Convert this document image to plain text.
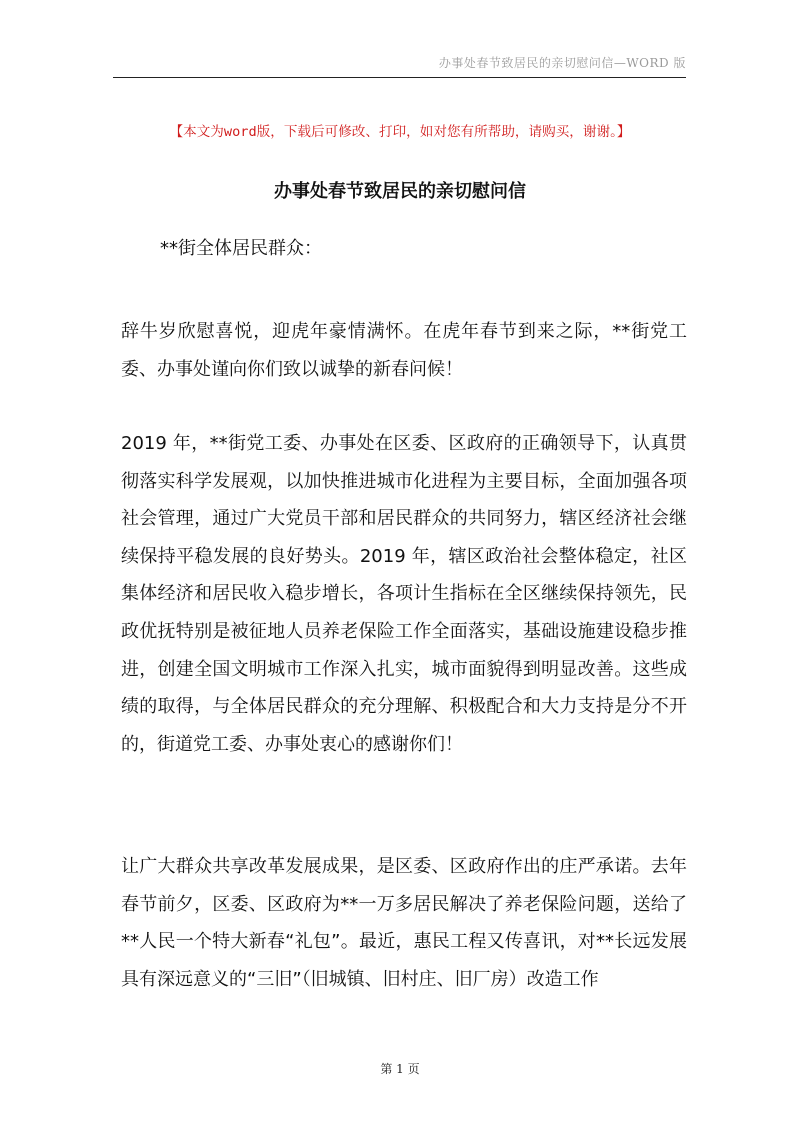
办事处春节致居民的亲切慰问信—WORD 版
【本文为word版，下载后可修改、打印，如对您有所帮助，请购买，谢谢。】
办事处春节致居民的亲切慰问信
**街全体居民群众：

辞牛岁欣慰喜悦，迎虎年豪情满怀。在虎年春节到来之际，**街党工委、办事处谨向你们致以诚挚的新春问候！

2019 年，**街党工委、办事处在区委、区政府的正确领导下，认真贯彻落实科学发展观，以加快推进城市化进程为主要目标，全面加强各项社会管理，通过广大党员干部和居民群众的共同努力，辖区经济社会继续保持平稳发展的良好势头。2019 年，辖区政治社会整体稳定，社区集体经济和居民收入稳步增长，各项计生指标在全区继续保持领先，民政优抚特别是被征地人员养老保险工作全面落实，基础设施建设稳步推进，创建全国文明城市工作深入扎实，城市面貌得到明显改善。这些成绩的取得，与全体居民群众的充分理解、积极配合和大力支持是分不开的，街道党工委、办事处衷心的感谢你们！

让广大群众共享改革发展成果，是区委、区政府作出的庄严承诺。去年春节前夕，区委、区政府为**一万多居民解决了养老保险问题，送给了**人民一个特大新春“礼包”。最近，惠民工程又传喜讯，对**长远发展具有深远意义的“三旧”（旧城镇、旧村庄、旧厂房）改造工作

第 1 页
